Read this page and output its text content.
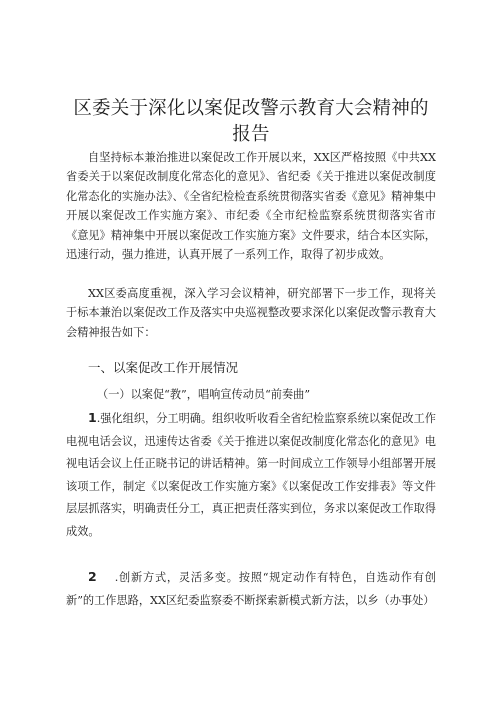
区委关于深化以案促改警示教育大会精神的报告

自坚持标本兼治推进以案促改工作开展以来，XX区严格按照《中共XX省委关于以案促改制度化常态化的意见》、省纪委《关于推进以案促改制度化常态化的实施办法》、《全省纪检检查系统贯彻落实省委《意见》精神集中开展以案促改工作实施方案》、市纪委《全市纪检监察系统贯彻落实省市《意见》精神集中开展以案促改工作实施方案》文件要求，结合本区实际，迅速行动，强力推进，认真开展了一系列工作，取得了初步成效。

XX区委高度重视，深入学习会议精神，研究部署下一步工作，现将关于标本兼治以案促改工作及落实中央巡视整改要求深化以案促改警示教育大会精神报告如下：

一、以案促改工作开展情况
（一）以案促“教”，唱响宣传动员“前奏曲”

1.强化组织，分工明确。组织收听收看全省纪检监察系统以案促改工作电视电话会议，迅速传达省委《关于推进以案促改制度化常态化的意见》电视电话会议上任正晓书记的讲话精神。第一时间成立工作领导小组部署开展该项工作，制定《以案促改工作实施方案》《以案促改工作安排表》等文件层层抓落实，明确责任分工，真正把责任落实到位，务求以案促改工作取得成效。

2 .创新方式，灵活多变。按照“规定动作有特色，自选动作有创新”的工作思路，XX区纪委监察委不断探索新模式新方法，以乡（办事处）
